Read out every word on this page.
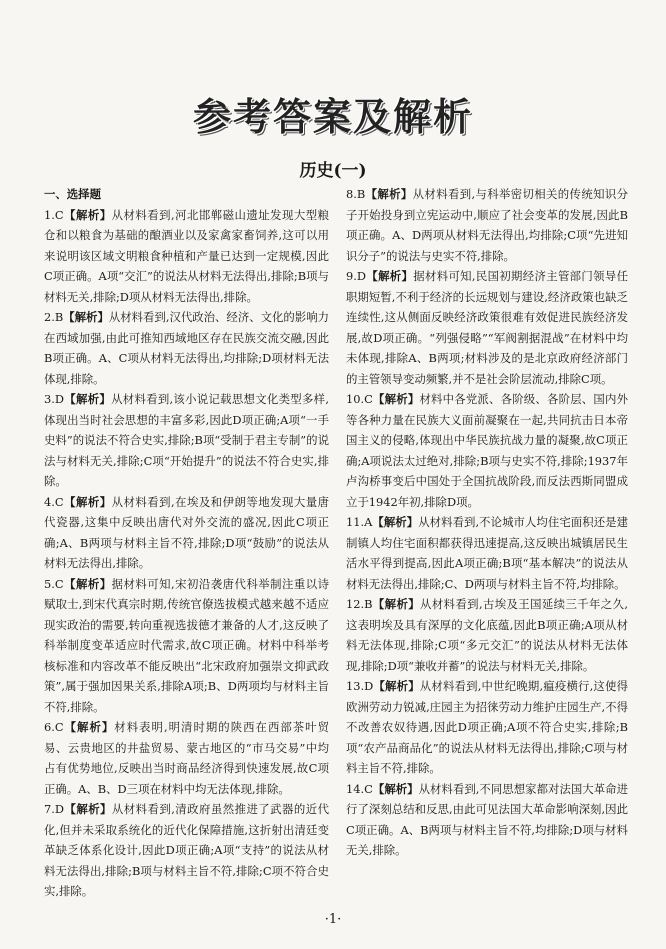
参考答案及解析
历史(一)
一、选择题
1.C【解析】从材料看到,河北邯郸磁山遗址发现大型粮仓和以粮食为基础的酿酒业以及家禽家畜饲养,这可以用来说明该区域文明粮食种植和产量已达到一定规模,因此C项正确。A项“交汇”的说法从材料无法得出,排除;B项与材料无关,排除;D项从材料无法得出,排除。
2.B【解析】从材料看到,汉代政治、经济、文化的影响力在西域加强,由此可推知西域地区存在民族交流交融,因此B项正确。A、C项从材料无法得出,均排除;D项材料无法体现,排除。
3.D【解析】从材料看到,该小说记载思想文化类型多样,体现出当时社会思想的丰富多彩,因此D项正确;A项“一手史料”的说法不符合史实,排除;B项“受制于君主专制”的说法与材料无关,排除;C项“开始提升”的说法不符合史实,排除。
4.C【解析】从材料看到,在埃及和伊朗等地发现大量唐代瓷器,这集中反映出唐代对外交流的盛况,因此C项正确;A、B两项与材料主旨不符,排除;D项“鼓励”的说法从材料无法得出,排除。
5.C【解析】据材料可知,宋初沿袭唐代科举制注重以诗赋取士,到宋代真宗时期,传统官僚选拔模式越来越不适应现实政治的需要,转向重视选拔德才兼备的人才,这反映了科举制度变革适应时代需求,故C项正确。材料中科举考核标准和内容改革不能反映出“北宋政府加强崇文抑武政策”,属于强加因果关系,排除A项;B、D两项均与材料主旨不符,排除。
6.C【解析】材料表明,明清时期的陕西在西部茶叶贸易、云贵地区的井盐贸易、蒙古地区的“市马交易”中均占有优势地位,反映出当时商品经济得到快速发展,故C项正确。A、B、D三项在材料中均无法体现,排除。
7.D【解析】从材料看到,清政府虽然推进了武器的近代化,但并未采取系统化的近代化保障措施,这折射出清廷变革缺乏体系化设计,因此D项正确;A项“支持”的说法从材料无法得出,排除;B项与材料主旨不符,排除;C项不符合史实,排除。
8.B【解析】从材料看到,与科举密切相关的传统知识分子开始投身到立宪运动中,顺应了社会变革的发展,因此B项正确。A、D两项从材料无法得出,均排除;C项“先进知识分子”的说法与史实不符,排除。
9.D【解析】据材料可知,民国初期经济主管部门领导任职期短暂,不利于经济的长远规划与建设,经济政策也缺乏连续性,这从侧面反映经济政策很难有效促进民族经济发展,故D项正确。“列强侵略”“军阀割据混战”在材料中均未体现,排除A、B两项;材料涉及的是北京政府经济部门的主管领导变动频繁,并不是社会阶层流动,排除C项。
10.C【解析】材料中各党派、各阶级、各阶层、国内外等各种力量在民族大义面前凝聚在一起,共同抗击日本帝国主义的侵略,体现出中华民族抗战力量的凝聚,故C项正确;A项说法太过绝对,排除;B项与史实不符,排除;1937年卢沟桥事变后中国处于全国抗战阶段,而反法西斯同盟成立于1942年初,排除D项。
11.A【解析】从材料看到,不论城市人均住宅面积还是建制镇人均住宅面积都获得迅速提高,这反映出城镇居民生活水平得到提高,因此A项正确;B项“基本解决”的说法从材料无法得出,排除;C、D两项与材料主旨不符,均排除。
12.B【解析】从材料看到,古埃及王国延续三千年之久,这表明埃及具有深厚的文化底蕴,因此B项正确;A项从材料无法体现,排除;C项“多元交汇”的说法从材料无法体现,排除;D项“兼收并蓄”的说法与材料无关,排除。
13.D【解析】从材料看到,中世纪晚期,瘟疫横行,这使得欧洲劳动力锐减,庄园主为招徕劳动力维护庄园生产,不得不改善农奴待遇,因此D项正确;A项不符合史实,排除;B项“农产品商品化”的说法从材料无法得出,排除;C项与材料主旨不符,排除。
14.C【解析】从材料看到,不同思想家都对法国大革命进行了深刻总结和反思,由此可见法国大革命影响深刻,因此C项正确。A、B两项与材料主旨不符,均排除;D项与材料无关,排除。
·1·
